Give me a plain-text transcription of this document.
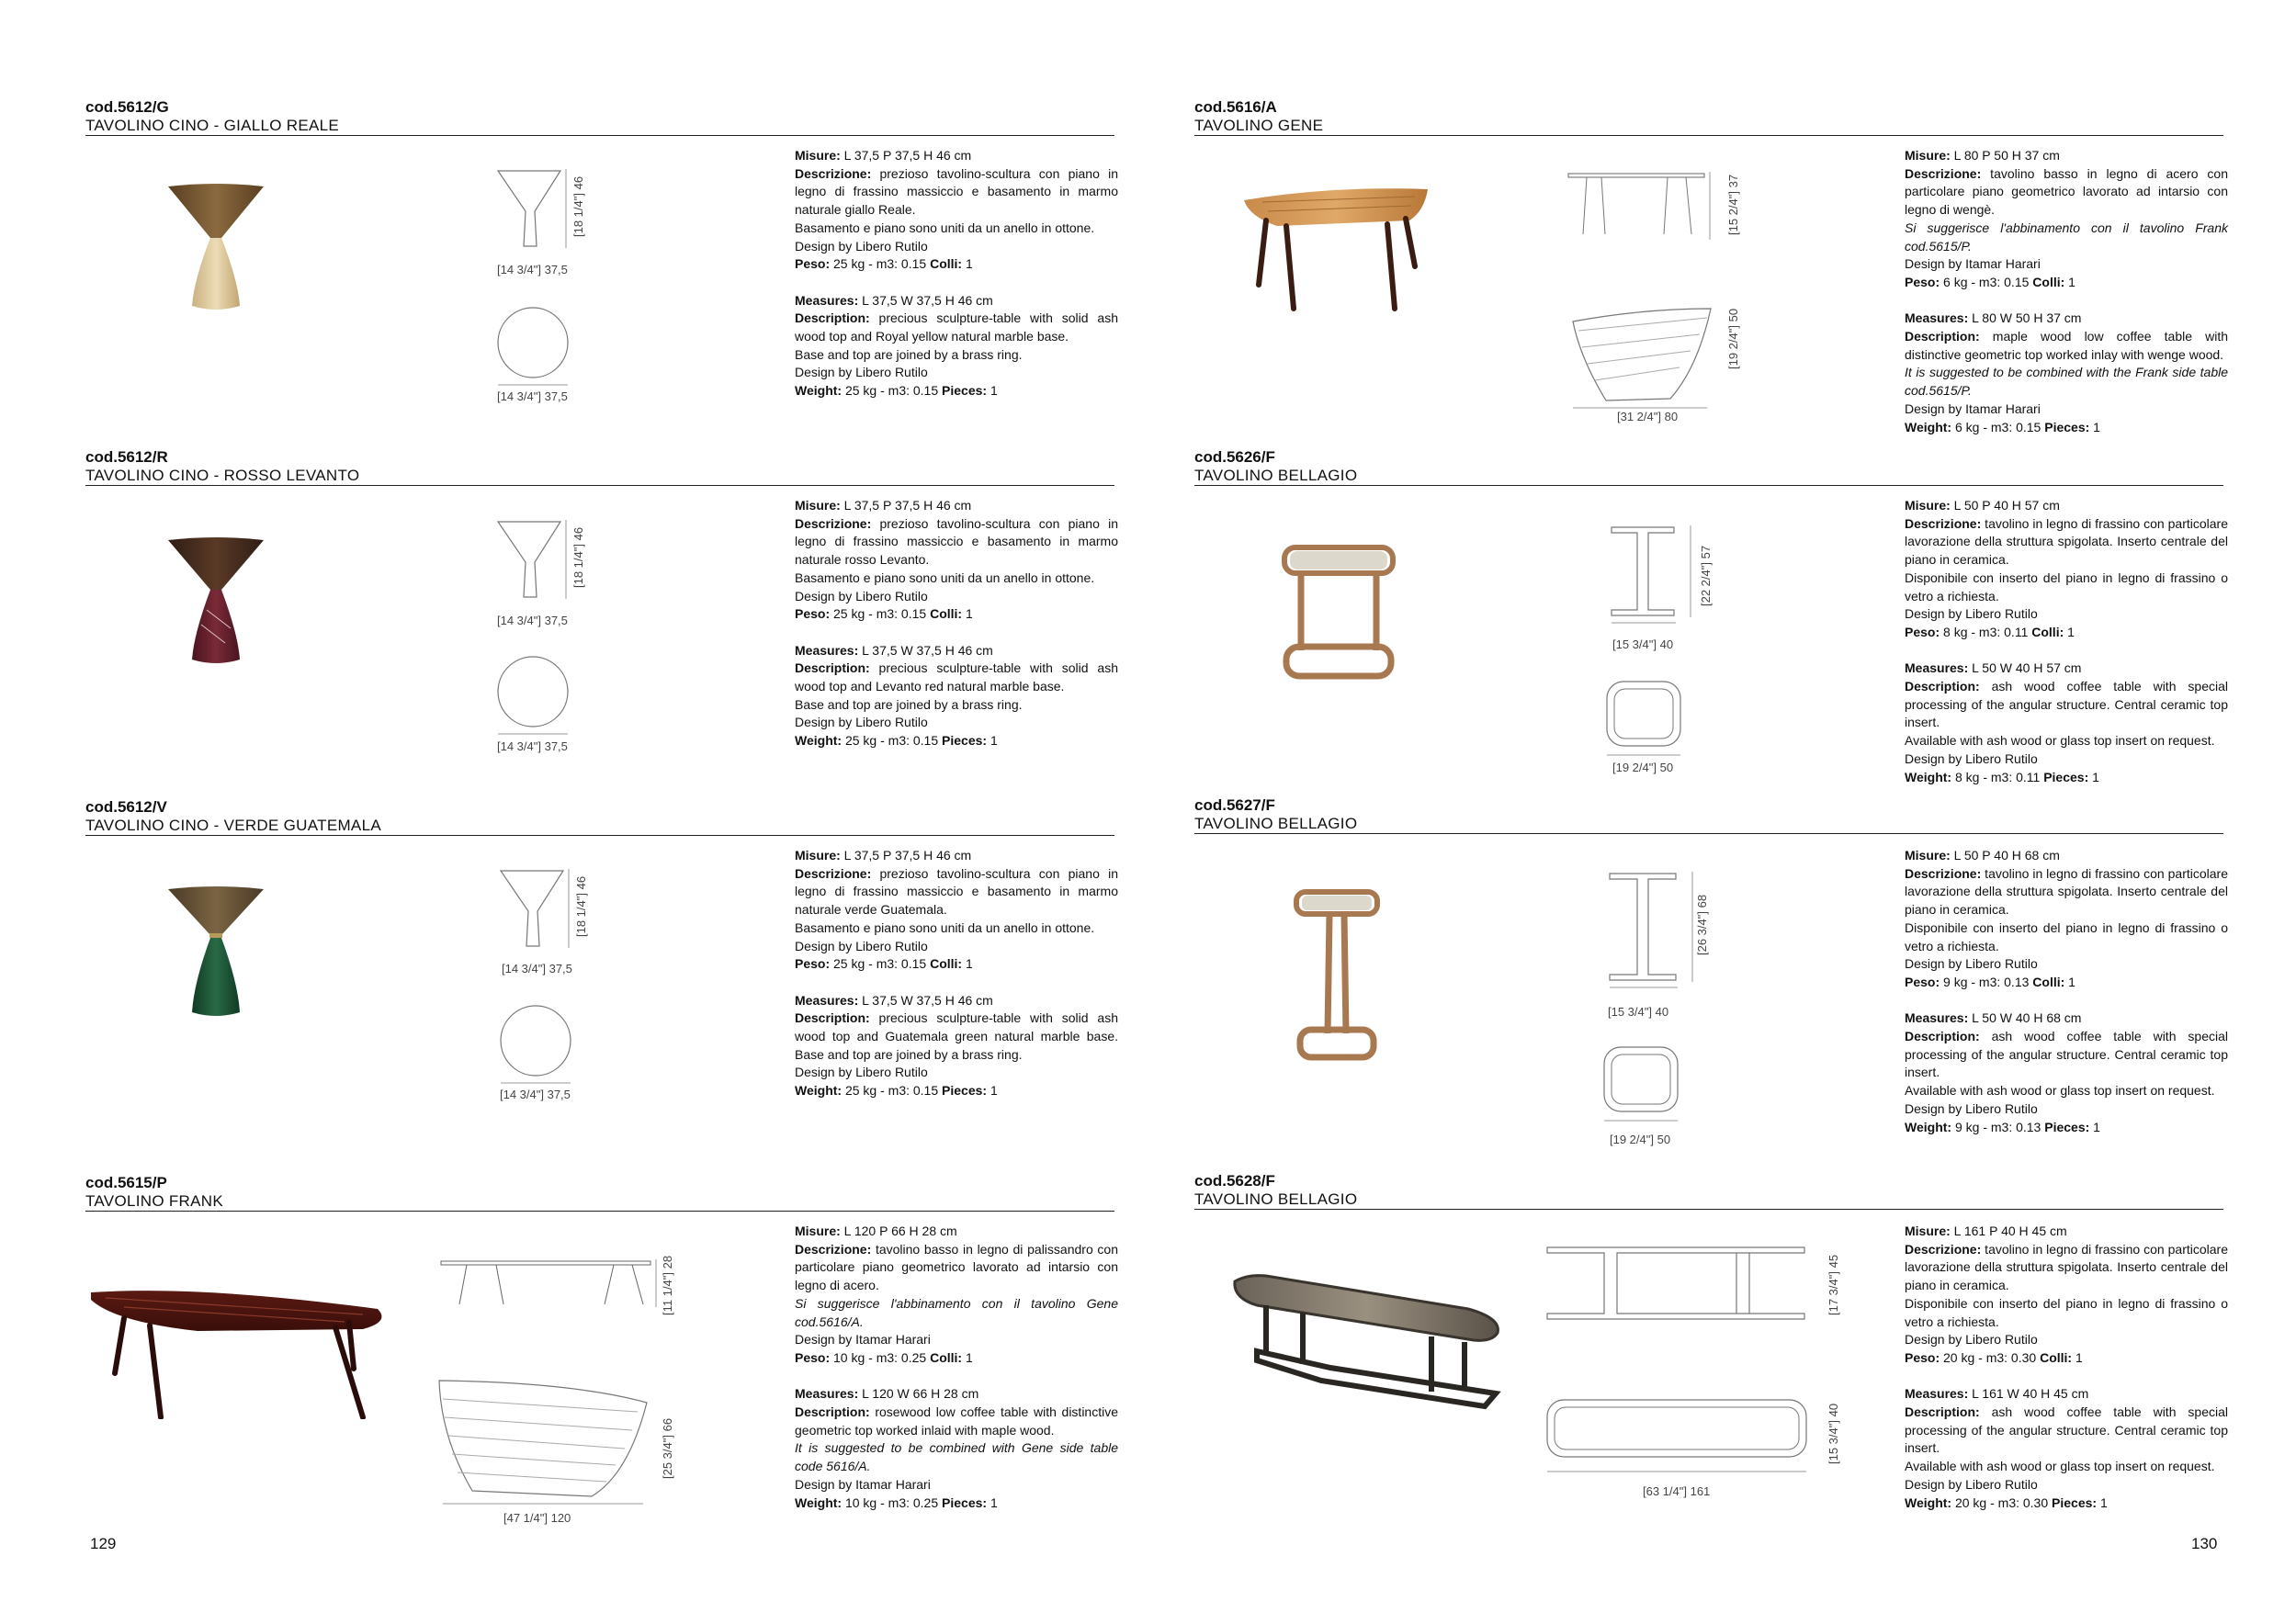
cod.5612/G
TAVOLINO CINO - GIALLO REALE
[18 1/4"] 46
[14 3/4"] 37,5
[14 3/4"] 37,5

Misure: L 37,5 P 37,5 H 46 cm

Descrizione: prezioso tavolino-scultura con piano in legno di frassino massiccio e basamento in marmo naturale giallo Reale.

Basamento e piano sono uniti da un anello in ottone.

Design by Libero Rutilo

Peso: 25 kg - m3: 0.15 Colli: 1

Measures: L 37,5 W 37,5 H 46 cm

Description: precious sculpture-table with solid ash wood top and Royal yellow natural marble base.

Base and top are joined by a brass ring.

Design by Libero Rutilo

Weight: 25 kg - m3: 0.15 Pieces: 1

cod.5612/R
TAVOLINO CINO - ROSSO LEVANTO
[18 1/4"] 46
[14 3/4"] 37,5
[14 3/4"] 37,5

Misure: L 37,5 P 37,5 H 46 cm

Descrizione: prezioso tavolino-scultura con piano in legno di frassino massiccio e basamento in marmo naturale rosso Levanto.

Basamento e piano sono uniti da un anello in ottone.

Design by Libero Rutilo

Peso: 25 kg - m3: 0.15 Colli: 1

Measures: L 37,5 W 37,5 H 46 cm

Description: precious sculpture-table with solid ash wood top and Levanto red natural marble base.

Base and top are joined by a brass ring.

Design by Libero Rutilo

Weight: 25 kg - m3: 0.15 Pieces: 1

cod.5612/V
TAVOLINO CINO - VERDE GUATEMALA
[18 1/4"] 46
[14 3/4"] 37,5
[14 3/4"] 37,5

Misure: L 37,5 P 37,5 H 46 cm

Descrizione: prezioso tavolino-scultura con piano in legno di frassino massiccio e basamento in marmo naturale verde Guatemala.

Basamento e piano sono uniti da un anello in ottone.

Design by Libero Rutilo

Peso: 25 kg - m3: 0.15 Colli: 1

Measures: L 37,5 W 37,5 H 46 cm

Description: precious sculpture-table with solid ash wood top and Guatemala green natural marble base. Base and top are joined by a brass ring.

Design by Libero Rutilo

Weight: 25 kg - m3: 0.15 Pieces: 1

cod.5615/P
TAVOLINO FRANK
[11 1/4"] 28
[25 3/4"] 66
[47 1/4"] 120

Misure: L 120 P 66 H 28 cm

Descrizione: tavolino basso in legno di palissandro con particolare piano geometrico lavorato ad intarsio con legno di acero.

Si suggerisce l'abbinamento con il tavolino Gene cod.5616/A.

Design by Itamar Harari

Peso: 10 kg - m3: 0.25 Colli: 1

Measures: L 120 W 66 H 28 cm

Description: rosewood low coffee table with distinctive geometric top worked inlaid with maple wood.

It is suggested to be combined with Gene side table code 5616/A.

Design by Itamar Harari

Weight: 10 kg - m3: 0.25 Pieces: 1

129
cod.5616/A
TAVOLINO GENE
[15 2/4"] 37
[19 2/4"] 50
[31 2/4"] 80

Misure: L 80 P 50 H 37 cm

Descrizione: tavolino basso in legno di acero con particolare piano geometrico lavorato ad intarsio con legno di wengè.

Si suggerisce l'abbinamento con il tavolino Frank cod.5615/P.

Design by Itamar Harari

Peso: 6 kg - m3: 0.15 Colli: 1

Measures: L 80 W 50 H 37 cm

Description: maple wood low coffee table with distinctive geometric top worked inlay with wenge wood.

It is suggested to be combined with the Frank side table cod.5615/P.

Design by Itamar Harari

Weight: 6 kg - m3: 0.15 Pieces: 1

cod.5626/F
TAVOLINO BELLAGIO
[22 2/4"] 57
[15 3/4"] 40
[19 2/4"] 50

Misure: L 50 P 40 H 57 cm

Descrizione: tavolino in legno di frassino con particolare lavorazione della struttura spigolata. Inserto centrale del piano in ceramica.

Disponibile con inserto del piano in legno di frassino o vetro a richiesta.

Design by Libero Rutilo

Peso: 8 kg - m3: 0.11 Colli: 1

Measures: L 50 W 40 H 57 cm

Description: ash wood coffee table with special processing of the angular structure. Central ceramic top insert.

Available with ash wood or glass top insert on request.

Design by Libero Rutilo

Weight: 8 kg - m3: 0.11 Pieces: 1

cod.5627/F
TAVOLINO BELLAGIO
[26 3/4"] 68
[15 3/4"] 40
[19 2/4"] 50

Misure: L 50 P 40 H 68 cm

Descrizione: tavolino in legno di frassino con particolare lavorazione della struttura spigolata. Inserto centrale del piano in ceramica.

Disponibile con inserto del piano in legno di frassino o vetro a richiesta.

Design by Libero Rutilo

Peso: 9 kg - m3: 0.13 Colli: 1

Measures: L 50 W 40 H 68 cm

Description: ash wood coffee table with special processing of the angular structure. Central ceramic top insert.

Available with ash wood or glass top insert on request.

Design by Libero Rutilo

Weight: 9 kg - m3: 0.13 Pieces: 1

cod.5628/F
TAVOLINO BELLAGIO
[17 3/4"] 45
[15 3/4"] 40
[63 1/4"] 161

Misure: L 161 P 40 H 45 cm

Descrizione: tavolino in legno di frassino con particolare lavorazione della struttura spigolata. Inserto centrale del piano in ceramica.

Disponibile con inserto del piano in legno di frassino o vetro a richiesta.

Design by Libero Rutilo

Peso: 20 kg - m3: 0.30 Colli: 1

Measures: L 161 W 40 H 45 cm

Description: ash wood coffee table with special processing of the angular structure. Central ceramic top insert.

Available with ash wood or glass top insert on request.

Design by Libero Rutilo

Weight: 20 kg - m3: 0.30 Pieces: 1

130
